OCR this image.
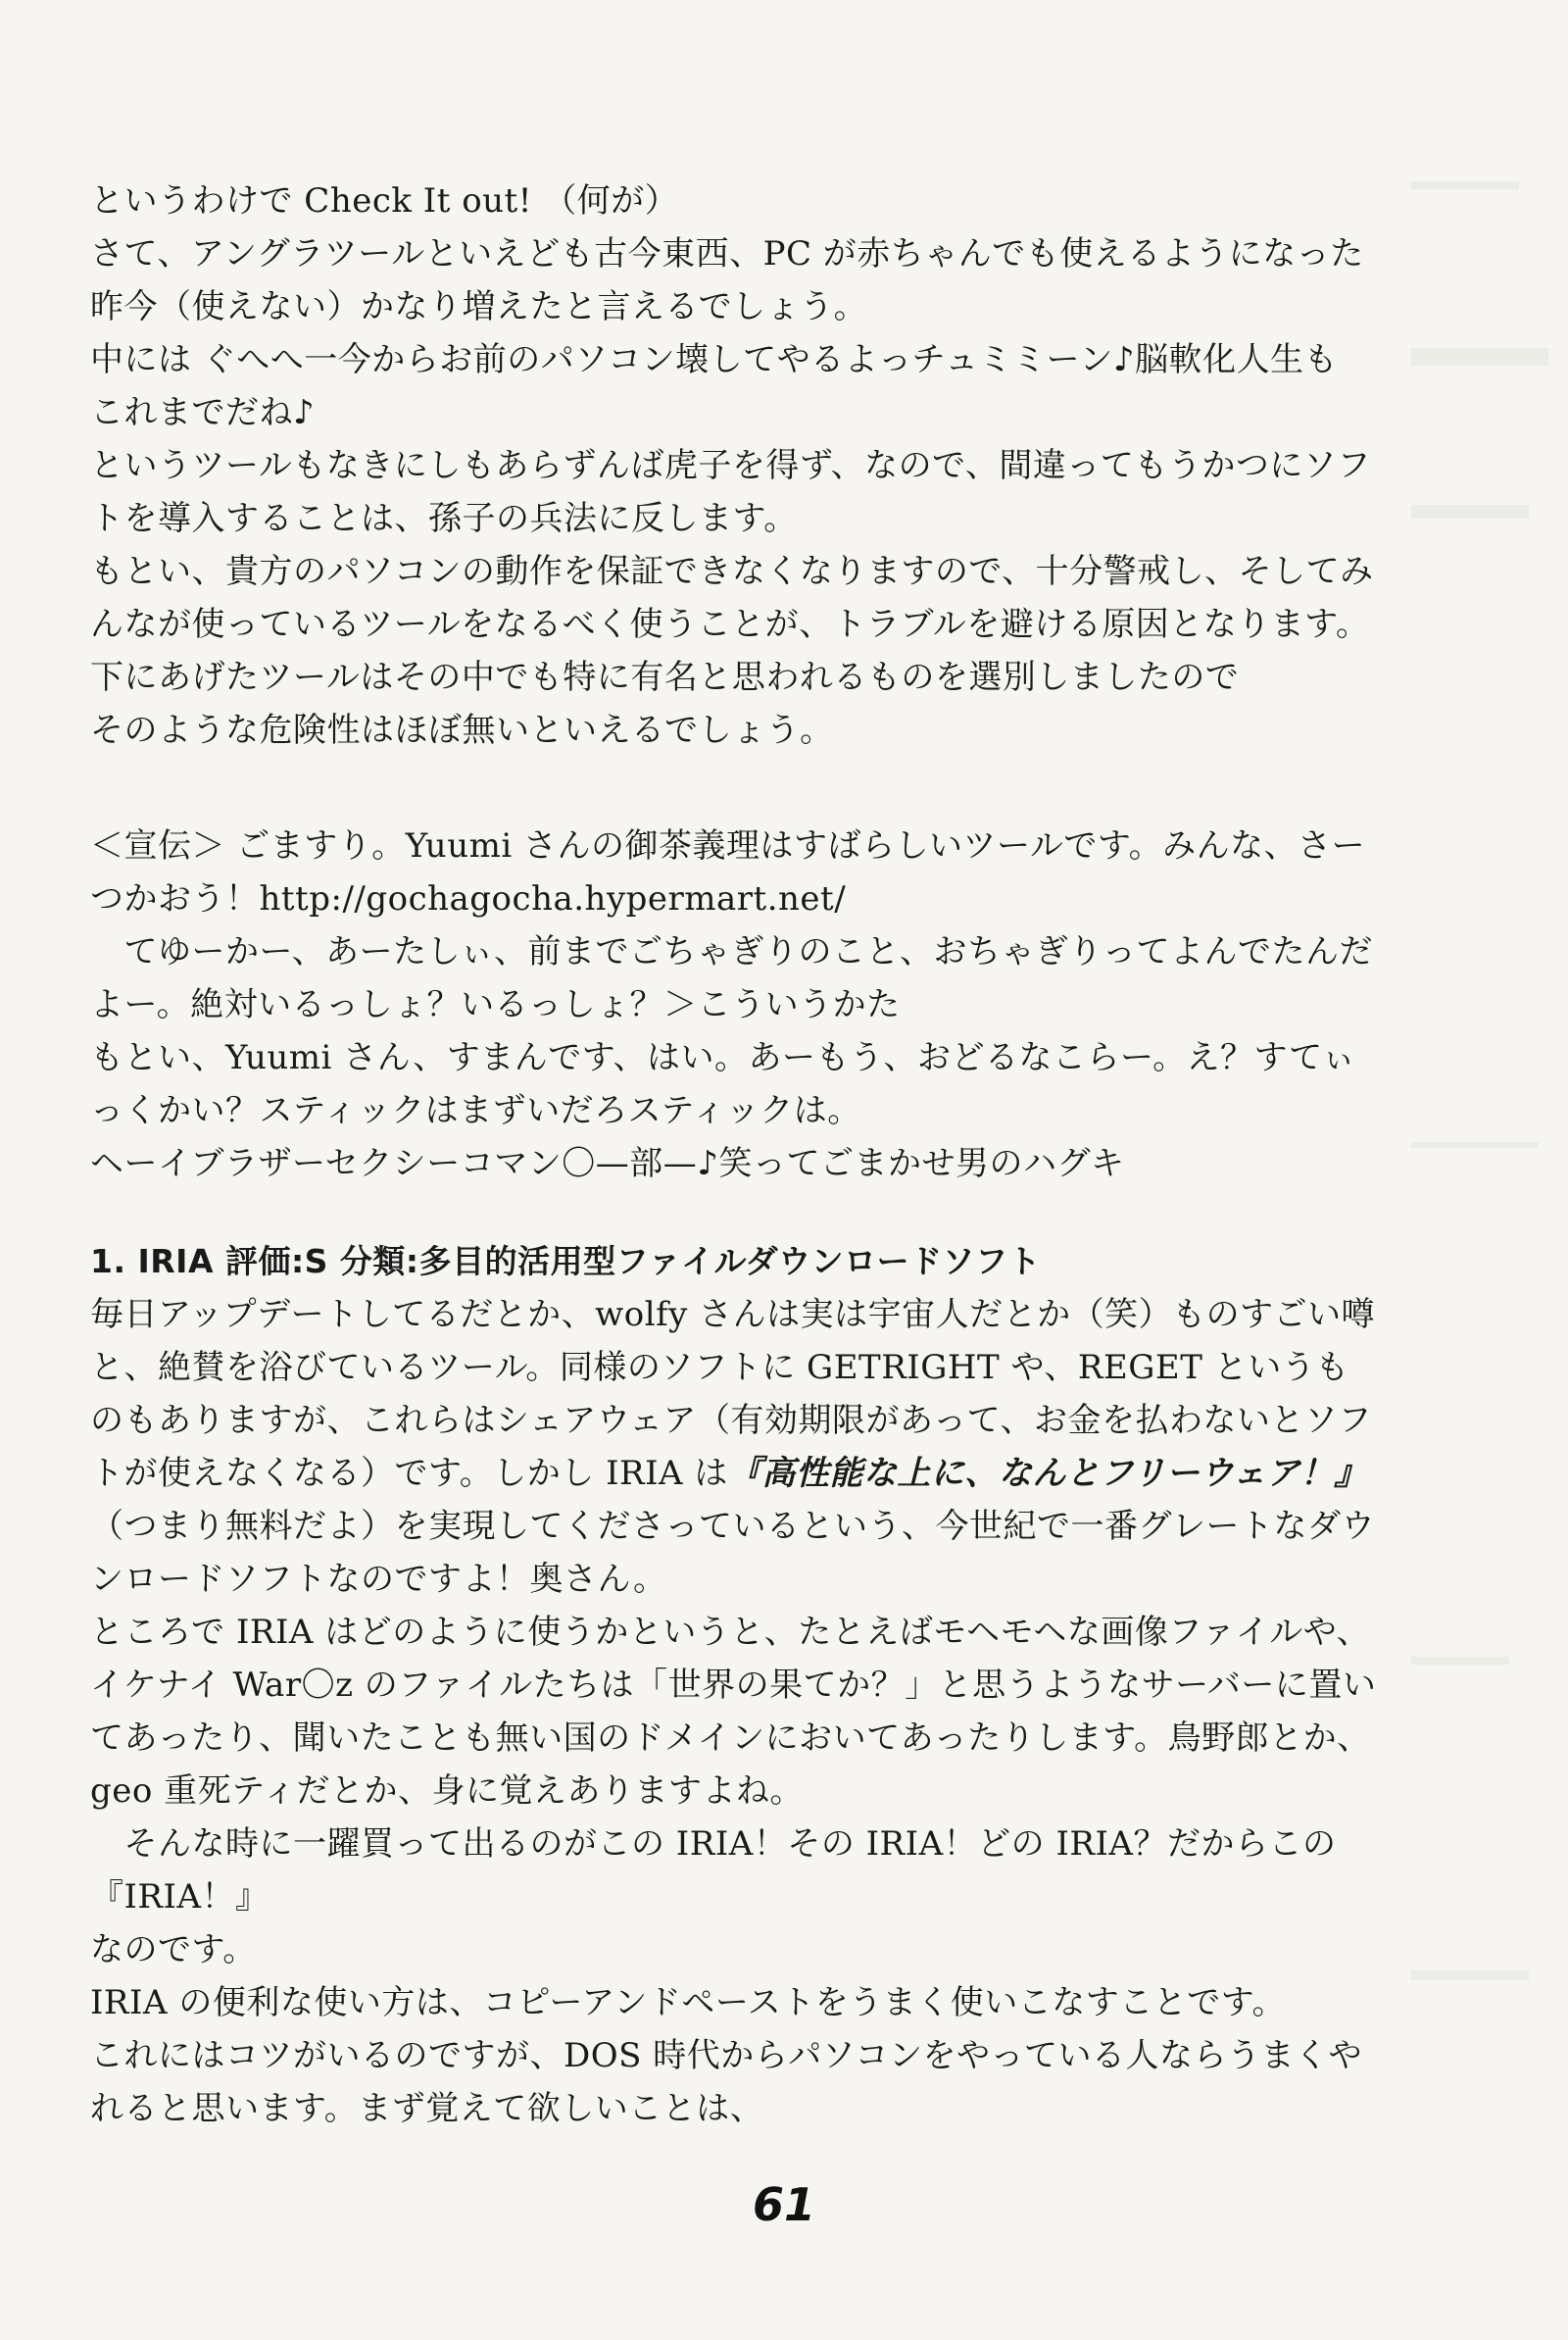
というわけで Check It out! （何が）

さて、アングラツールといえども古今東西、PC が赤ちゃんでも使えるようになった

昨今（使えない）かなり増えたと言えるでしょう。

中には ぐへへ一今からお前のパソコン壊してやるよっチュミミーン♪脳軟化人生も

これまでだね♪

というツールもなきにしもあらずんば虎子を得ず、なので、間違ってもうかつにソフ

トを導入することは、孫子の兵法に反します。

もとい、貴方のパソコンの動作を保証できなくなりますので、十分警戒し、そしてみ

んなが使っているツールをなるべく使うことが、トラブルを避ける原因となります。

下にあげたツールはその中でも特に有名と思われるものを選別しましたので

そのような危険性はほぼ無いといえるでしょう。

＜宣伝＞ ごますり。Yuumi さんの御茶義理はすばらしいツールです。みんな、さー

つかおう！http://gochagocha.hypermart.net/

　てゆーかー、あーたしぃ、前までごちゃぎりのこと、おちゃぎりってよんでたんだ

よー。絶対いるっしょ？いるっしょ？＞こういうかた

もとい、Yuumi さん、すまんです、はい。あーもう、おどるなこらー。え？すてぃ

っくかい？スティックはまずいだろスティックは。

ヘーイブラザーセクシーコマン〇—部—♪笑ってごまかせ男のハグキ

1. IRIA 評価:S 分類:多目的活用型ファイルダウンロードソフト

毎日アップデートしてるだとか、wolfy さんは実は宇宙人だとか（笑）ものすごい噂

と、絶賛を浴びているツール。同様のソフトに GETRIGHT や、REGET というも

のもありますが、これらはシェアウェア（有効期限があって、お金を払わないとソフ

トが使えなくなる）です。しかし IRIA は『高性能な上に、なんとフリーウェア！』

（つまり無料だよ）を実現してくださっているという、今世紀で一番グレートなダウ

ンロードソフトなのですよ！奥さん。

ところで IRIA はどのように使うかというと、たとえばモヘモヘな画像ファイルや、

イケナイ War〇z のファイルたちは「世界の果てか？」と思うようなサーバーに置い

てあったり、聞いたことも無い国のドメインにおいてあったりします。鳥野郎とか、

geo 重死ティだとか、身に覚えありますよね。

　そんな時に一躍買って出るのがこの IRIA！その IRIA！どの IRIA？だからこの

『IRIA！』

なのです。

IRIA の便利な使い方は、コピーアンドペーストをうまく使いこなすことです。

これにはコツがいるのですが、DOS 時代からパソコンをやっている人ならうまくや

れると思います。まず覚えて欲しいことは、

61
